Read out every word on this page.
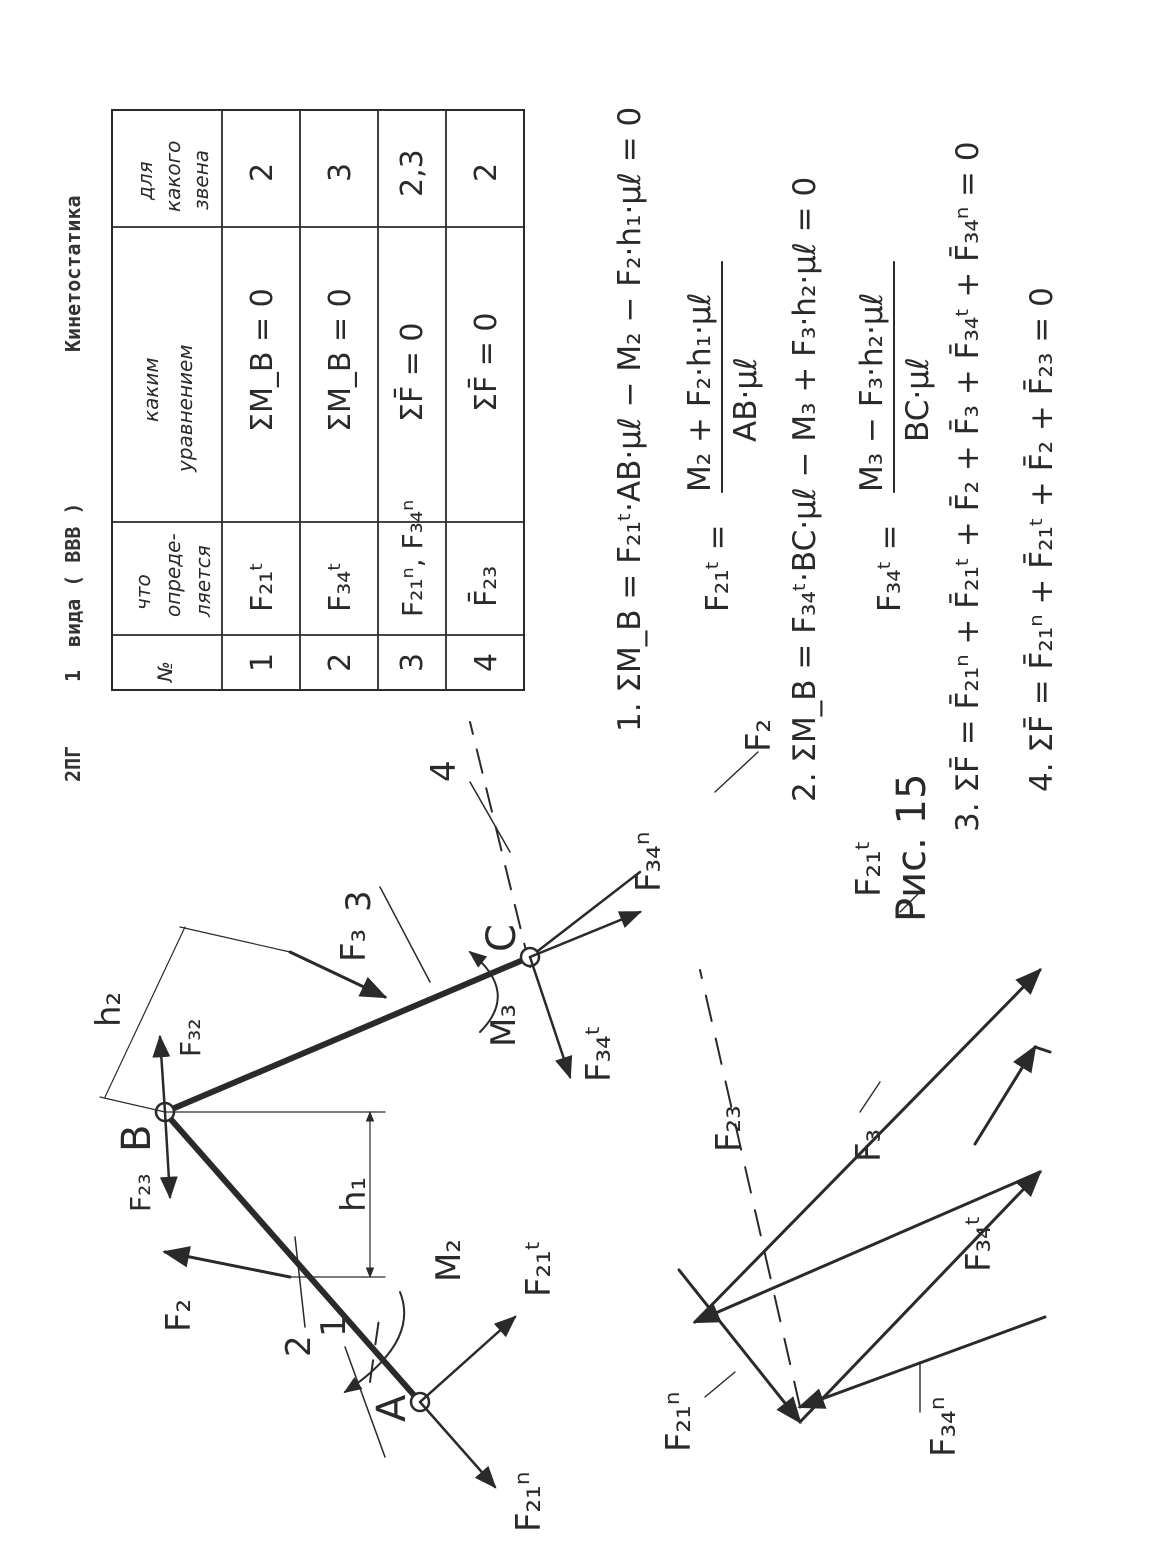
Кинетостатика
2ПГ
1
вида ( ВВВ )
№
что опреде- ляется
каким уравнением
для какого звена
1
F₂₁ᵗ
ΣM_B = 0
2
2
F₃₄ᵗ
ΣM_B = 0
3
3
F₂₁ⁿ, F₃₄ⁿ
ΣF̄ = 0
2,3
4
F̄₂₃
ΣF̄ = 0
2	1. ΣM_B = F₂₁ᵗ·AB·μℓ − M₂ − F₂·h₁·μℓ = 0 F₂₁ᵗ =
M₂ + F₂·h₁·μℓ AB·μℓ 2. ΣM_B = F₃₄ᵗ·BC·μℓ − M₃ + F₃·h₂·μℓ = 0 F₃₄ᵗ =
M₃ − F₃·h₂·μℓ BC·μℓ 3. ΣF̄ = F̄₂₁ⁿ + F̄₂₁ᵗ + F̄₂ + F̄₃ + F̄₃₄ᵗ + F̄₃₄ⁿ = 0 4. ΣF̄ = F̄₂₁ⁿ + F̄₂₁ᵗ + F̄₂ + F̄₂₃ = 0
Рис. 15
A
B
C
1
2
3
4
F₂₁ⁿ
F₂₁ᵗ
F₂
F₂₃
F₃₂
F₃
F₃₄ᵗ
F₃₄ⁿ
M₂
M₃
h₁
h₂
F₂
F₂₁ᵗ
F₃
F₃₄ᵗ
F₃₄ⁿ
F₂₁ⁿ
F₂₃
